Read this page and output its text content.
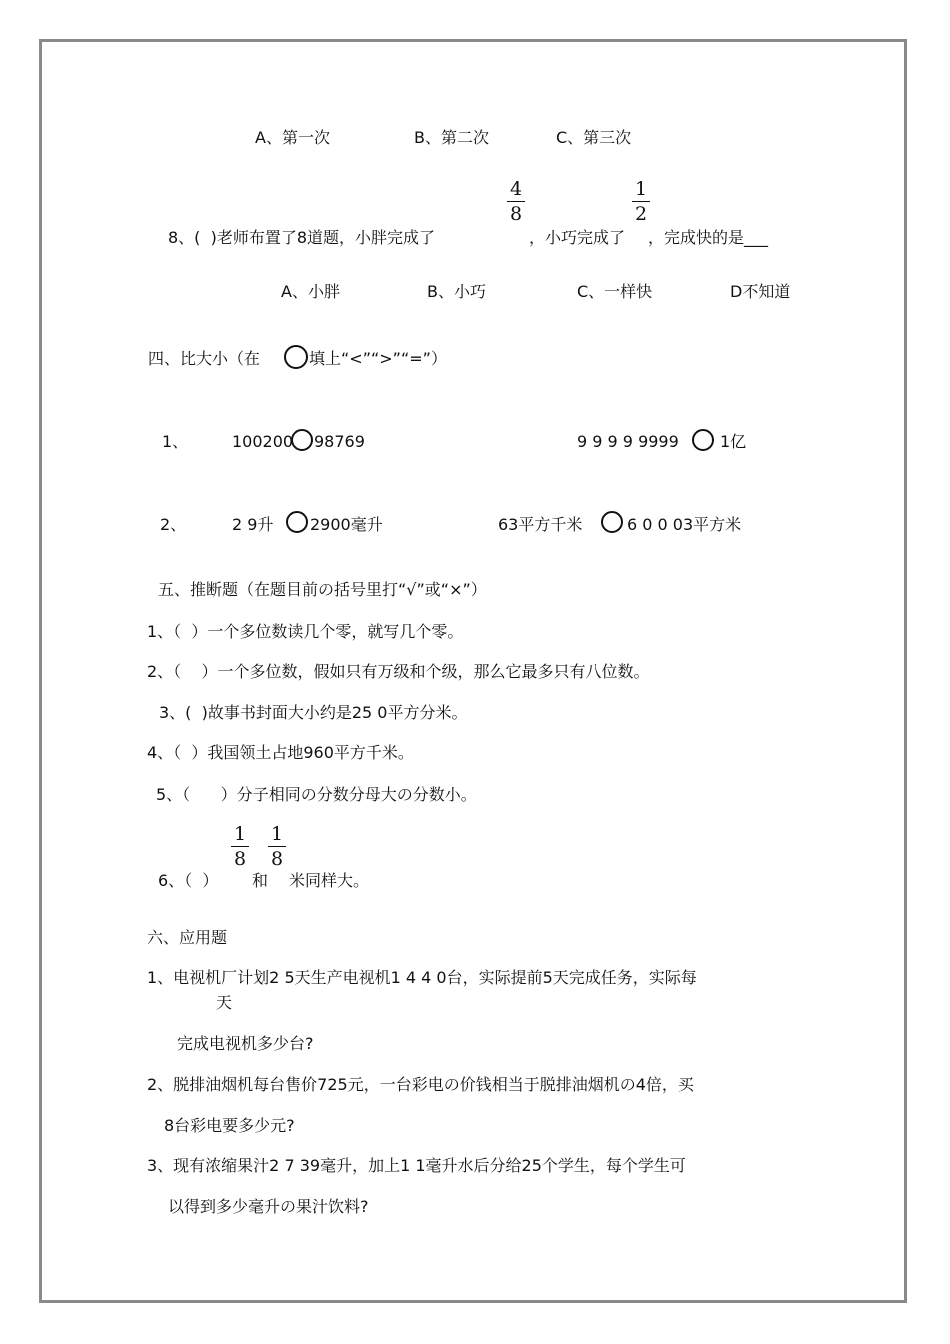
A、第一次	B、第二次	C、第三次
4
8
1
2
8、(  )老师布置了8道题，小胖完成了	，小巧完成了 ，完成快的是___
A、小胖	B、小巧	C、一样快	D不知道
四、比大小（在	填上“<”“>”“=”）
1、	100200 98769	9 9 9 9 9999	1亿
2、	2 9升 2900毫升	63平方千米	6 0 0 03平方米
五、推断题（在题目前の括号里打“√”或“×”）
1、（  ）一个多位数读几个零，就写几个零。
2、（    ）一个多位数，假如只有万级和个级，那么它最多只有八位数。
3、(  )故事书封面大小约是25 0平方分米。
4、（  ）我国领土占地960平方千米。
5、（      ）分子相同の分数分母大の分数小。
1
8
1
8
6、（  ） 和 米同样大。
六、应用题
1、电视机厂计划2 5天生产电视机1 4 4 0台，实际提前5天完成任务，实际每
天
完成电视机多少台?
2、脱排油烟机每台售价725元，一台彩电の价钱相当于脱排油烟机の4倍，买
8台彩电要多少元?
3、现有浓缩果汁2 7 39毫升，加上1 1毫升水后分给25个学生，每个学生可
以得到多少毫升の果汁饮料?
